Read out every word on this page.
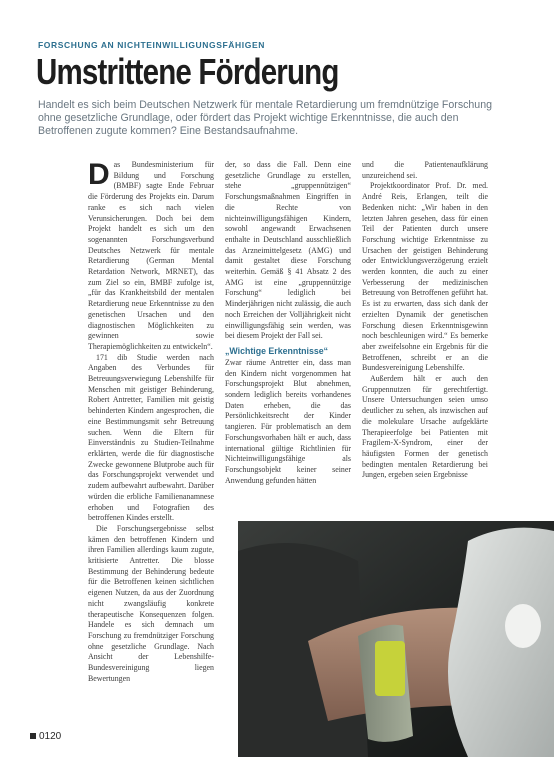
FORSCHUNG AN NICHTEINWILLIGUNGSFÄHIGEN
Umstrittene Förderung
Handelt es sich beim Deutschen Netzwerk für mentale Retardierung um fremdnützige Forschung ohne gesetzliche Grundlage, oder fördert das Projekt wichtige Erkenntnisse, die auch den Betroffenen zugute kommen? Eine Bestandsaufnahme.

Das Bundesministerium für Bildung und Forschung (BMBF) sagte Ende Februar die Förderung des Projekts ein. Darum ranke es sich nach vielen Verunsicherungen. Doch bei dem Projekt handelt es sich um den sogenannten Forschungsverbund Deutsches Netzwerk für mentale Retardierung (German Mental Retardation Network, MRNET), das zum Ziel so ein, BMBF zufolge ist, „für das Krankheitsbild der mentalen Retardierung neue Erkenntnisse zu den genetischen Ursachen und den diagnostischen Möglichkeiten zu gewinnen sowie Therapiemöglichkeiten zu entwickeln“.

171 dib Studie werden nach Angaben des Verbundes für Betreuungsverwiegung Lebenshilfe für Menschen mit geistiger Behinderung, Robert Antretter, Familien mit geistig behinderten Kindern angesprochen, die eine Bestimmungsmit sehr Betreuung suchen. Wenn die Eltern für Einverständnis zu Studien-Teilnahme erklärten, werde die für diagnostische Zwecke gewonnene Blutprobe auch für das Forschungsprojekt verwendet und zudem aufbewahrt aufbewahrt. Darüber würden die erbliche Familienanamnese erhoben und Fotografien des betroffenen Kindes erstellt.

Die Forschungsergebnisse selbst kämen den betroffenen Kindern und ihren Familien allerdings kaum zugute, kritisierte Antretter. Die blosse Bestimmung der Behinderung bedeute für die Betroffenen keinen sichtlichen eigenen Nutzen, da aus der Zuordnung nicht zwangsläufig konkrete therapeutische Konsequenzen folgen. Handele es sich demnach um Forschung zu fremdnütziger Forschung ohne gesetzliche Grundlage. Nach Ansicht der Lebenshilfe-Bundesvereinigung liegen Bewertungen

der, so dass die Fall. Denn eine gesetzliche Grundlage zu erstellen, stehe „gruppennützigen“ Forschungsmaßnahmen Eingriffen in die Rechte von nichteinwilligungsfähigen Kindern, sowohl angewandt Erwachsenen enthalte in Deutschland ausschließlich das Arzneimittelgesetz (AMG) und damit gestaltet diese Forschung weiterhin. Gemäß § 41 Absatz 2 des AMG ist eine „gruppennützige Forschung“ lediglich bei Minderjährigen nicht zulässig, die auch noch Erreichen der Volljährigkeit nicht einwilligungsfähig sein werden, was bei diesem Projekt der Fall sei.

„Wichtige Erkenntnisse“

Zwar räume Antretter ein, dass man den Kindern nicht vorgenommen hat Forschungsprojekt Blut abnehmen, sondern lediglich bereits vorhandenes Daten erheben, die das Persönlichkeitsrecht der Kinder tangieren. Für problematisch an dem Forschungsvorhaben hält er auch, dass international gültige Richtlinien für Nichteinwilligungsfähige als Forschungsobjekt keiner seiner Anwendung gefunden hätten

und die Patientenaufklärung unzureichend sei.

Projektkoordinator Prof. Dr. med. André Reis, Erlangen, teilt die Bedenken nicht: „Wir haben in den letzten Jahren gesehen, dass für einen Teil der Patienten durch unsere Forschung wichtige Erkenntnisse zu Ursachen der geistigen Behinderung oder Entwicklungsverzögerung erzielt werden konnten, die auch zu einer Verbesserung der medizinischen Betreuung von Betroffenen geführt hat. Es ist zu erwarten, dass sich dank der erzielten Dynamik der genetischen Forschung diesen Erkenntnisgewinn noch beschleunigen wird.“ Es bemerke aber zweifelsohne ein Ergebnis für die Betroffenen, schreibt er an die Bundesvereinigung Lebenshilfe.

Außerdem hält er auch den Gruppennutzen für gerechtfertigt. Unsere Untersuchungen seien umso deutlicher zu sehen, als inzwischen auf die molekulare Ursache aufgeklärte Therapieerfolge bei Patienten mit Fragilem-X-Syndrom, einer der häufigsten Formen der genetisch bedingten mentalen Retardierung bei Jungen, ergeben seien Ergebnisse

0120
